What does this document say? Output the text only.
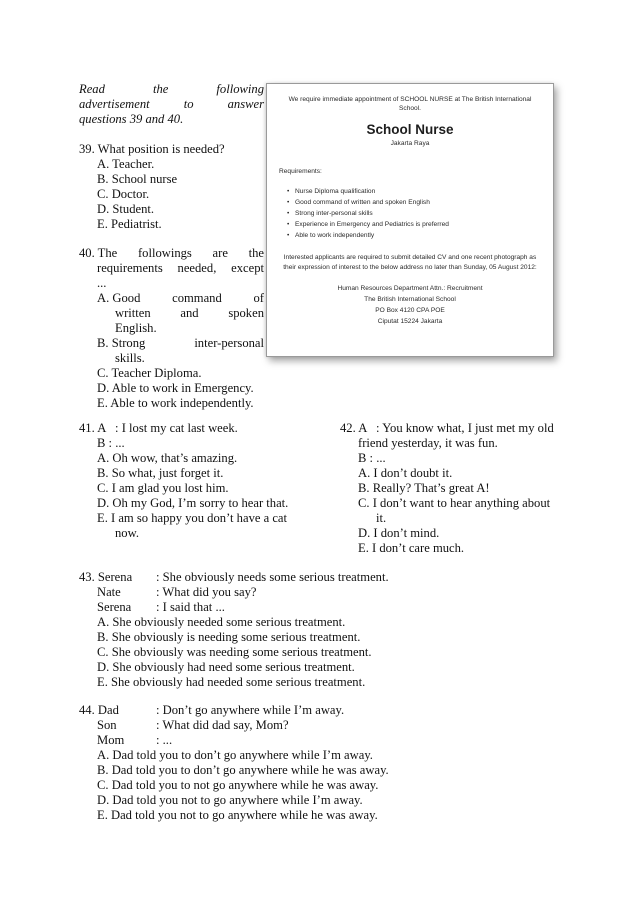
Read	the	following
advertisement	to	answer
questions 39 and 40.
39. What position is needed?
A. Teacher.
B. School nurse
C. Doctor.
D. Student.
E. Pediatrist.
40. The followings are the
requirements needed, except
...
A. Good	command	of
written and spoken
English.
B. Strong	inter-personal
skills.
C. Teacher Diploma.
D. Able to work in Emergency.
E. Able to work independently.
We require immediate appointment of SCHOOL NURSE at The British International
School.
School Nurse
Jakarta Raya
Requirements:
• Nurse Diploma qualification
• Good command of written and spoken English
• Strong inter-personal skills
• Experience in Emergency and Pediatrics is preferred
• Able to work independently
Interested applicants are required to submit detailed CV and one recent photograph as
their expression of interest to the below address no later than Sunday, 05 August 2012:
Human Resources Department Attn.: Recruitment
The British International School
PO Box 4120 CPA POE
Ciputat 15224 Jakarta
41. A   : I lost my cat last week.
B : ...
A. Oh wow, that’s amazing.
B. So what, just forget it.
C. I am glad you lost him.
D. Oh my God, I’m sorry to hear that.
E. I am so happy you don’t have a cat
now.
42. A   : You know what, I just met my old
friend yesterday, it was fun.
B : ...
A. I don’t doubt it.
B. Really? That’s great A!
C. I don’t want to hear anything about
it.
D. I don’t mind.
E. I don’t care much.
43. Serena : She obviously needs some serious treatment.
Nate	: What did you say?
Serena : I said that ...
A. She obviously needed some serious treatment.
B. She obviously is needing some serious treatment.
C. She obviously was needing some serious treatment.
D. She obviously had need some serious treatment.
E. She obviously had needed some serious treatment.
44. Dad	: Don’t go anywhere while I’m away.
Son	: What did dad say, Mom?
Mom	: ...
A. Dad told you to don’t go anywhere while I’m away.
B. Dad told you to don’t go anywhere while he was away.
C. Dad told you to not go anywhere while he was away.
D. Dad told you not to go anywhere while I’m away.
E. Dad told you not to go anywhere while he was away.
